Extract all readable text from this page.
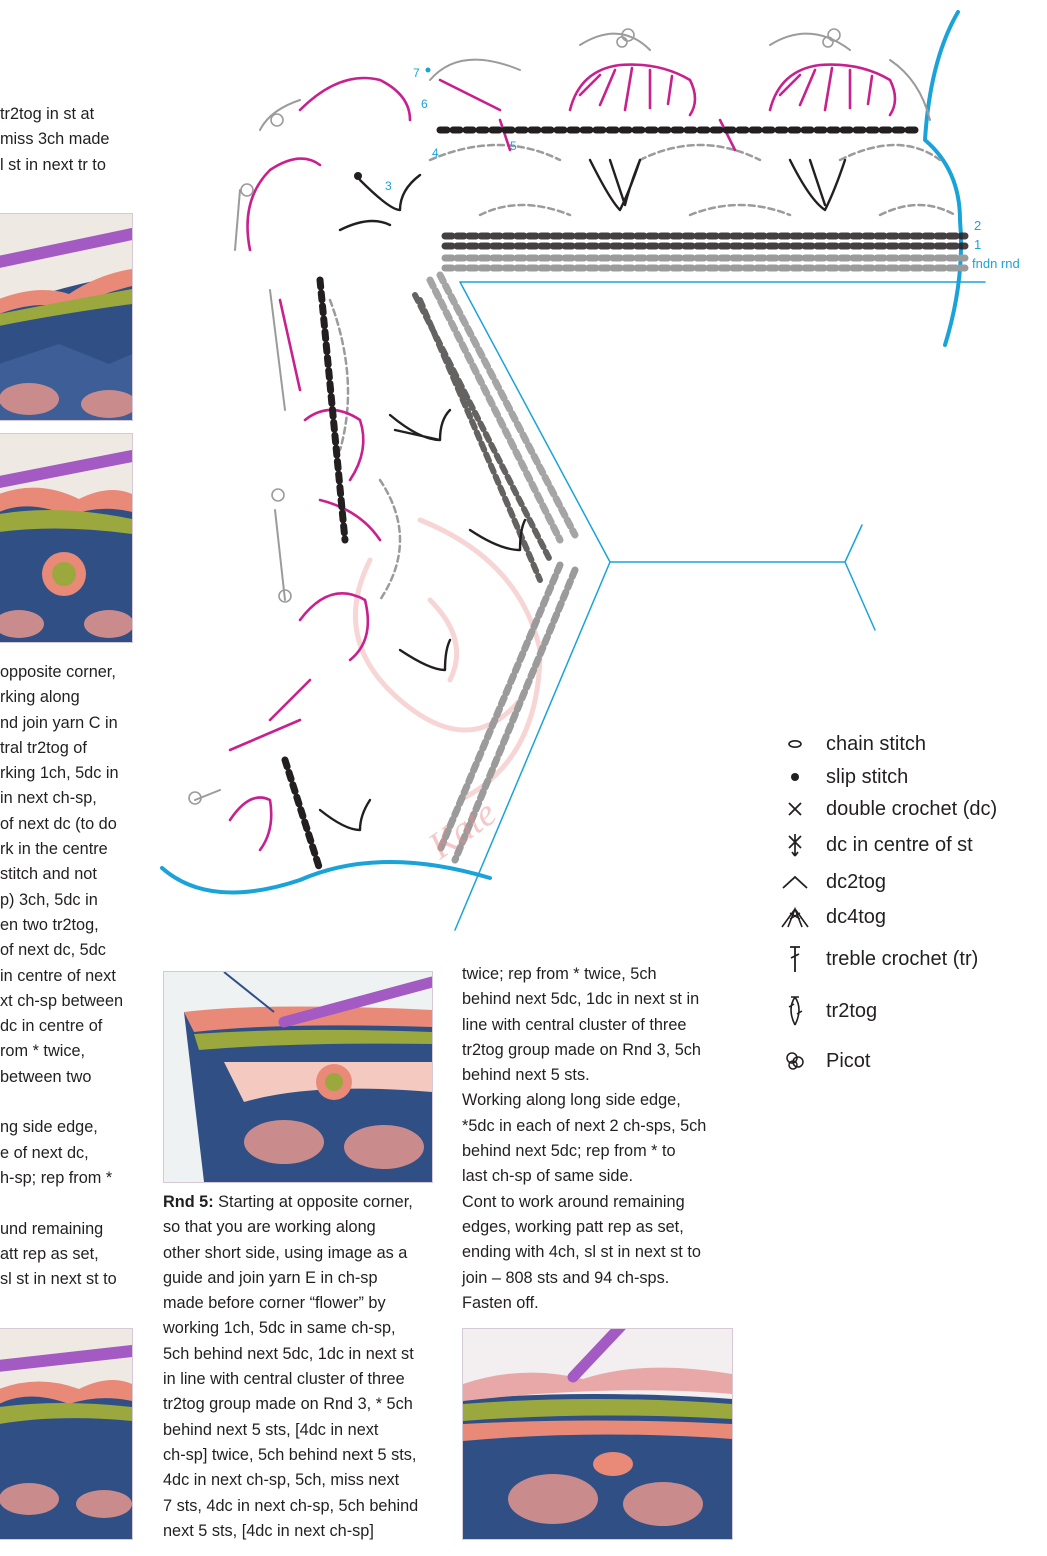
tr2tog in st at
miss 3ch made
l st in next tr to
opposite corner,
rking along
nd join yarn C in
tral tr2tog of
rking 1ch, 5dc in
in next ch-sp,
of next dc (to do
rk in the centre
stitch and not
p) 3ch, 5dc in
en two tr2tog,
of next dc, 5dc
in centre of next
xt ch-sp between
dc in centre of
rom * twice,
between two
ng side edge,
e of next dc,
h-sp; rep from *
und remaining
att rep as set,
sl st in next st to
Rnd 5: Starting at opposite corner,
so that you are working along
other short side, using image as a
guide and join yarn E in ch-sp
made before corner “flower” by
working 1ch, 5dc in same ch-sp,
5ch behind next 5dc, 1dc in next st
in line with central cluster of three
tr2tog group made on Rnd 3, * 5ch
behind next 5 sts, [4dc in next
ch-sp] twice, 5ch behind next 5 sts,
4dc in next ch-sp, 5ch, miss next
7 sts, 4dc in next ch-sp, 5ch behind
next 5 sts, [4dc in next ch-sp]
twice; rep from * twice, 5ch
behind next 5dc, 1dc in next st in
line with central cluster of three
tr2tog group made on Rnd 3, 5ch
behind next 5 sts.
Working along long side edge,
*5dc in each of next 2 ch-sps, 5ch
behind next 5dc; rep from * to
last ch-sp of same side.
Cont to work around remaining
edges, working patt rep as set,
ending with 4ch, sl st in next st to
join – 808 sts and 94 ch-sps.
Fasten off.
2
1
fndn rnd
3
4	5
6
7
Kate
chain stitch
slip stitch
double crochet (dc)
dc in centre of st
dc2tog
dc4tog
treble crochet (tr)
tr2tog
Picot
